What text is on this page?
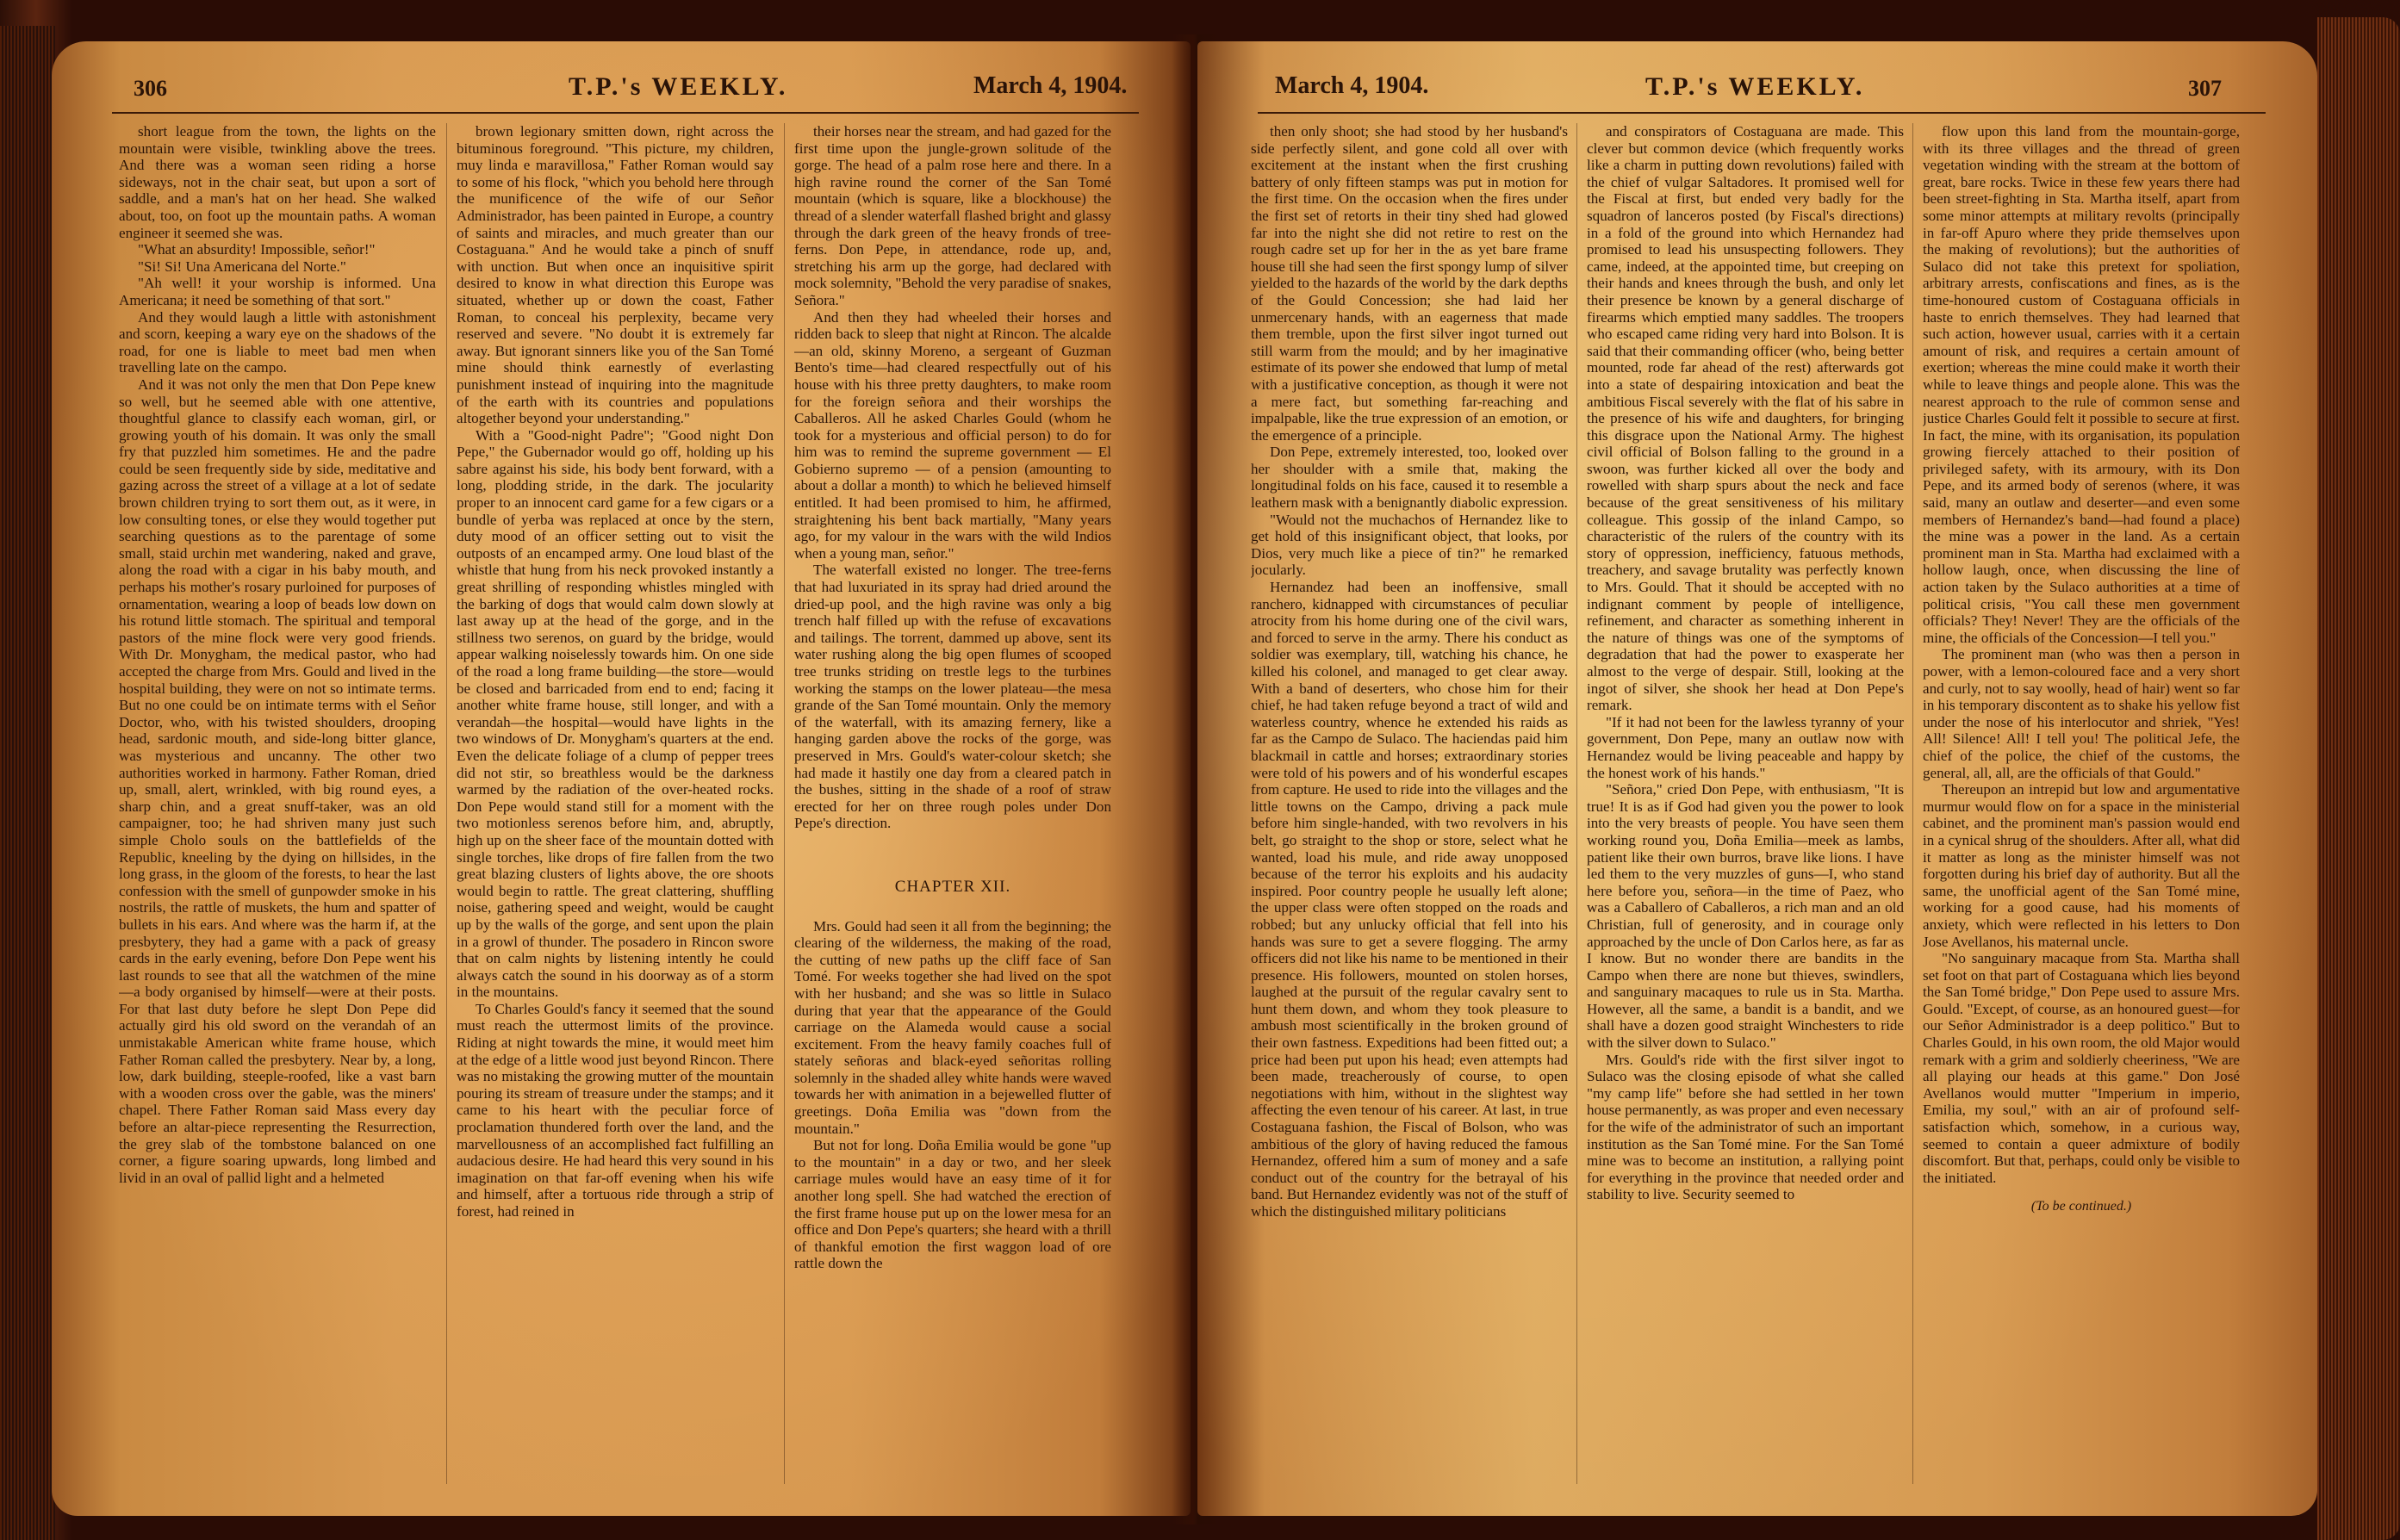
306	T.P.'s WEEKLY.	March 4, 1904.

short league from the town, the lights on the mountain were visible, twinkling above the trees. And there was a woman seen riding a horse sideways, not in the chair seat, but upon a sort of saddle, and a man's hat on her head. She walked about, too, on foot up the mountain paths. A woman engineer it seemed she was.

"What an absurdity! Impossible, señor!"

"Si! Si! Una Americana del Norte."

"Ah well! it your worship is informed. Una Americana; it need be something of that sort."

And they would laugh a little with astonishment and scorn, keeping a wary eye on the shadows of the road, for one is liable to meet bad men when travelling late on the campo.

And it was not only the men that Don Pepe knew so well, but he seemed able with one attentive, thoughtful glance to classify each woman, girl, or growing youth of his domain. It was only the small fry that puzzled him sometimes. He and the padre could be seen frequently side by side, meditative and gazing across the street of a village at a lot of sedate brown children trying to sort them out, as it were, in low consulting tones, or else they would together put searching questions as to the parentage of some small, staid urchin met wandering, naked and grave, along the road with a cigar in his baby mouth, and perhaps his mother's rosary purloined for purposes of ornamentation, wearing a loop of beads low down on his rotund little stomach. The spiritual and temporal pastors of the mine flock were very good friends. With Dr. Monygham, the medical pastor, who had accepted the charge from Mrs. Gould and lived in the hospital building, they were on not so intimate terms. But no one could be on intimate terms with el Señor Doctor, who, with his twisted shoulders, drooping head, sardonic mouth, and side-long bitter glance, was mysterious and uncanny. The other two authorities worked in harmony. Father Roman, dried up, small, alert, wrinkled, with big round eyes, a sharp chin, and a great snuff-taker, was an old campaigner, too; he had shriven many just such simple Cholo souls on the battlefields of the Republic, kneeling by the dying on hillsides, in the long grass, in the gloom of the forests, to hear the last confession with the smell of gunpowder smoke in his nostrils, the rattle of muskets, the hum and spatter of bullets in his ears. And where was the harm if, at the presbytery, they had a game with a pack of greasy cards in the early evening, before Don Pepe went his last rounds to see that all the watchmen of the mine—a body organised by himself—were at their posts. For that last duty before he slept Don Pepe did actually gird his old sword on the verandah of an unmistakable American white frame house, which Father Roman called the presbytery. Near by, a long, low, dark building, steeple-roofed, like a vast barn with a wooden cross over the gable, was the miners' chapel. There Father Roman said Mass every day before an altar-piece representing the Resurrection, the grey slab of the tombstone balanced on one corner, a figure soaring upwards, long limbed and livid in an oval of pallid light and a helmeted

brown legionary smitten down, right across the bituminous foreground. "This picture, my children, muy linda e maravillosa," Father Roman would say to some of his flock, "which you behold here through the munificence of the wife of our Señor Administrador, has been painted in Europe, a country of saints and miracles, and much greater than our Costaguana." And he would take a pinch of snuff with unction. But when once an inquisitive spirit desired to know in what direction this Europe was situated, whether up or down the coast, Father Roman, to conceal his perplexity, became very reserved and severe. "No doubt it is extremely far away. But ignorant sinners like you of the San Tomé mine should think earnestly of everlasting punishment instead of inquiring into the magnitude of the earth with its countries and populations altogether beyond your understanding."

With a "Good-night Padre"; "Good night Don Pepe," the Gubernador would go off, holding up his sabre against his side, his body bent forward, with a long, plodding stride, in the dark. The jocularity proper to an innocent card game for a few cigars or a bundle of yerba was replaced at once by the stern, duty mood of an officer setting out to visit the outposts of an encamped army. One loud blast of the whistle that hung from his neck provoked instantly a great shrilling of responding whistles mingled with the barking of dogs that would calm down slowly at last away up at the head of the gorge, and in the stillness two serenos, on guard by the bridge, would appear walking noiselessly towards him. On one side of the road a long frame building—the store—would be closed and barricaded from end to end; facing it another white frame house, still longer, and with a verandah—the hospital—would have lights in the two windows of Dr. Monygham's quarters at the end. Even the delicate foliage of a clump of pepper trees did not stir, so breathless would be the darkness warmed by the radiation of the over-heated rocks. Don Pepe would stand still for a moment with the two motionless serenos before him, and, abruptly, high up on the sheer face of the mountain dotted with single torches, like drops of fire fallen from the two great blazing clusters of lights above, the ore shoots would begin to rattle. The great clattering, shuffling noise, gathering speed and weight, would be caught up by the walls of the gorge, and sent upon the plain in a growl of thunder. The posadero in Rincon swore that on calm nights by listening intently he could always catch the sound in his doorway as of a storm in the mountains.

To Charles Gould's fancy it seemed that the sound must reach the uttermost limits of the province. Riding at night towards the mine, it would meet him at the edge of a little wood just beyond Rincon. There was no mistaking the growing mutter of the mountain pouring its stream of treasure under the stamps; and it came to his heart with the peculiar force of proclamation thundered forth over the land, and the marvellousness of an accomplished fact fulfilling an audacious desire. He had heard this very sound in his imagination on that far-off evening when his wife and himself, after a tortuous ride through a strip of forest, had reined in

their horses near the stream, and had gazed for the first time upon the jungle-grown solitude of the gorge. The head of a palm rose here and there. In a high ravine round the corner of the San Tomé mountain (which is square, like a blockhouse) the thread of a slender waterfall flashed bright and glassy through the dark green of the heavy fronds of tree-ferns. Don Pepe, in attendance, rode up, and, stretching his arm up the gorge, had declared with mock solemnity, "Behold the very paradise of snakes, Señora."

And then they had wheeled their horses and ridden back to sleep that night at Rincon. The alcalde—an old, skinny Moreno, a sergeant of Guzman Bento's time—had cleared respectfully out of his house with his three pretty daughters, to make room for the foreign señora and their worships the Caballeros. All he asked Charles Gould (whom he took for a mysterious and official person) to do for him was to remind the supreme government — El Gobierno supremo — of a pension (amounting to about a dollar a month) to which he believed himself entitled. It had been promised to him, he affirmed, straightening his bent back martially, "Many years ago, for my valour in the wars with the wild Indios when a young man, señor."

The waterfall existed no longer. The tree-ferns that had luxuriated in its spray had dried around the dried-up pool, and the high ravine was only a big trench half filled up with the refuse of excavations and tailings. The torrent, dammed up above, sent its water rushing along the big open flumes of scooped tree trunks striding on trestle legs to the turbines working the stamps on the lower plateau—the mesa grande of the San Tomé mountain. Only the memory of the waterfall, with its amazing fernery, like a hanging garden above the rocks of the gorge, was preserved in Mrs. Gould's water-colour sketch; she had made it hastily one day from a cleared patch in the bushes, sitting in the shade of a roof of straw erected for her on three rough poles under Don Pepe's direction.

CHAPTER XII.

Mrs. Gould had seen it all from the beginning; the clearing of the wilderness, the making of the road, the cutting of new paths up the cliff face of San Tomé. For weeks together she had lived on the spot with her husband; and she was so little in Sulaco during that year that the appearance of the Gould carriage on the Alameda would cause a social excitement. From the heavy family coaches full of stately señoras and black-eyed señoritas rolling solemnly in the shaded alley white hands were waved towards her with animation in a bejewelled flutter of greetings. Doña Emilia was "down from the mountain."

But not for long. Doña Emilia would be gone "up to the mountain" in a day or two, and her sleek carriage mules would have an easy time of it for another long spell. She had watched the erection of the first frame house put up on the lower mesa for an office and Don Pepe's quarters; she heard with a thrill of thankful emotion the first waggon load of ore rattle down the

March 4, 1904.	T.P.'s WEEKLY.	307

then only shoot; she had stood by her husband's side perfectly silent, and gone cold all over with excitement at the instant when the first crushing battery of only fifteen stamps was put in motion for the first time. On the occasion when the fires under the first set of retorts in their tiny shed had glowed far into the night she did not retire to rest on the rough cadre set up for her in the as yet bare frame house till she had seen the first spongy lump of silver yielded to the hazards of the world by the dark depths of the Gould Concession; she had laid her unmercenary hands, with an eagerness that made them tremble, upon the first silver ingot turned out still warm from the mould; and by her imaginative estimate of its power she endowed that lump of metal with a justificative conception, as though it were not a mere fact, but something far-reaching and impalpable, like the true expression of an emotion, or the emergence of a principle.

Don Pepe, extremely interested, too, looked over her shoulder with a smile that, making the longitudinal folds on his face, caused it to resemble a leathern mask with a benignantly diabolic expression.

"Would not the muchachos of Hernandez like to get hold of this insignificant object, that looks, por Dios, very much like a piece of tin?" he remarked jocularly.

Hernandez had been an inoffensive, small ranchero, kidnapped with circumstances of peculiar atrocity from his home during one of the civil wars, and forced to serve in the army. There his conduct as soldier was exemplary, till, watching his chance, he killed his colonel, and managed to get clear away. With a band of deserters, who chose him for their chief, he had taken refuge beyond a tract of wild and waterless country, whence he extended his raids as far as the Campo de Sulaco. The haciendas paid him blackmail in cattle and horses; extraordinary stories were told of his powers and of his wonderful escapes from capture. He used to ride into the villages and the little towns on the Campo, driving a pack mule before him single-handed, with two revolvers in his belt, go straight to the shop or store, select what he wanted, load his mule, and ride away unopposed because of the terror his exploits and his audacity inspired. Poor country people he usually left alone; the upper class were often stopped on the roads and robbed; but any unlucky official that fell into his hands was sure to get a severe flogging. The army officers did not like his name to be mentioned in their presence. His followers, mounted on stolen horses, laughed at the pursuit of the regular cavalry sent to hunt them down, and whom they took pleasure to ambush most scientifically in the broken ground of their own fastness. Expeditions had been fitted out; a price had been put upon his head; even attempts had been made, treacherously of course, to open negotiations with him, without in the slightest way affecting the even tenour of his career. At last, in true Costaguana fashion, the Fiscal of Bolson, who was ambitious of the glory of having reduced the famous Hernandez, offered him a sum of money and a safe conduct out of the country for the betrayal of his band. But Hernandez evidently was not of the stuff of which the distinguished military politicians

and conspirators of Costaguana are made. This clever but common device (which frequently works like a charm in putting down revolutions) failed with the chief of vulgar Saltadores. It promised well for the Fiscal at first, but ended very badly for the squadron of lanceros posted (by Fiscal's directions) in a fold of the ground into which Hernandez had promised to lead his unsuspecting followers. They came, indeed, at the appointed time, but creeping on their hands and knees through the bush, and only let their presence be known by a general discharge of firearms which emptied many saddles. The troopers who escaped came riding very hard into Bolson. It is said that their commanding officer (who, being better mounted, rode far ahead of the rest) afterwards got into a state of despairing intoxication and beat the ambitious Fiscal severely with the flat of his sabre in the presence of his wife and daughters, for bringing this disgrace upon the National Army. The highest civil official of Bolson falling to the ground in a swoon, was further kicked all over the body and rowelled with sharp spurs about the neck and face because of the great sensitiveness of his military colleague. This gossip of the inland Campo, so characteristic of the rulers of the country with its story of oppression, inefficiency, fatuous methods, treachery, and savage brutality was perfectly known to Mrs. Gould. That it should be accepted with no indignant comment by people of intelligence, refinement, and character as something inherent in the nature of things was one of the symptoms of degradation that had the power to exasperate her almost to the verge of despair. Still, looking at the ingot of silver, she shook her head at Don Pepe's remark.

"If it had not been for the lawless tyranny of your government, Don Pepe, many an outlaw now with Hernandez would be living peaceable and happy by the honest work of his hands."

"Señora," cried Don Pepe, with enthusiasm, "It is true! It is as if God had given you the power to look into the very breasts of people. You have seen them working round you, Doña Emilia—meek as lambs, patient like their own burros, brave like lions. I have led them to the very muzzles of guns—I, who stand here before you, señora—in the time of Paez, who was a Caballero of Caballeros, a rich man and an old Christian, full of generosity, and in courage only approached by the uncle of Don Carlos here, as far as I know. But no wonder there are bandits in the Campo when there are none but thieves, swindlers, and sanguinary macaques to rule us in Sta. Martha. However, all the same, a bandit is a bandit, and we shall have a dozen good straight Winchesters to ride with the silver down to Sulaco."

Mrs. Gould's ride with the first silver ingot to Sulaco was the closing episode of what she called "my camp life" before she had settled in her town house permanently, as was proper and even necessary for the wife of the administrator of such an important institution as the San Tomé mine. For the San Tomé mine was to become an institution, a rallying point for everything in the province that needed order and stability to live. Security seemed to

flow upon this land from the mountain-gorge, with its three villages and the thread of green vegetation winding with the stream at the bottom of great, bare rocks. Twice in these few years there had been street-fighting in Sta. Martha itself, apart from some minor attempts at military revolts (principally in far-off Apuro where they pride themselves upon the making of revolutions); but the authorities of Sulaco did not take this pretext for spoliation, arbitrary arrests, confiscations and fines, as is the time-honoured custom of Costaguana officials in haste to enrich themselves. They had learned that such action, however usual, carries with it a certain amount of risk, and requires a certain amount of exertion; whereas the mine could make it worth their while to leave things and people alone. This was the nearest approach to the rule of common sense and justice Charles Gould felt it possible to secure at first. In fact, the mine, with its organisation, its population growing fiercely attached to their position of privileged safety, with its armoury, with its Don Pepe, and its armed body of serenos (where, it was said, many an outlaw and deserter—and even some members of Hernandez's band—had found a place) the mine was a power in the land. As a certain prominent man in Sta. Martha had exclaimed with a hollow laugh, once, when discussing the line of action taken by the Sulaco authorities at a time of political crisis, "You call these men government officials? They! Never! They are the officials of the mine, the officials of the Concession—I tell you."

The prominent man (who was then a person in power, with a lemon-coloured face and a very short and curly, not to say woolly, head of hair) went so far in his temporary discontent as to shake his yellow fist under the nose of his interlocutor and shriek, "Yes! All! Silence! All! I tell you! The political Jefe, the chief of the police, the chief of the customs, the general, all, all, are the officials of that Gould."

Thereupon an intrepid but low and argumentative murmur would flow on for a space in the ministerial cabinet, and the prominent man's passion would end in a cynical shrug of the shoulders. After all, what did it matter as long as the minister himself was not forgotten during his brief day of authority. But all the same, the unofficial agent of the San Tomé mine, working for a good cause, had his moments of anxiety, which were reflected in his letters to Don Jose Avellanos, his maternal uncle.

"No sanguinary macaque from Sta. Martha shall set foot on that part of Costaguana which lies beyond the San Tomé bridge," Don Pepe used to assure Mrs. Gould. "Except, of course, as an honoured guest—for our Señor Administrador is a deep politico." But to Charles Gould, in his own room, the old Major would remark with a grim and soldierly cheeriness, "We are all playing our heads at this game." Don José Avellanos would mutter "Imperium in imperio, Emilia, my soul," with an air of profound self-satisfaction which, somehow, in a curious way, seemed to contain a queer admixture of bodily discomfort. But that, perhaps, could only be visible to the initiated.

(To be continued.)
